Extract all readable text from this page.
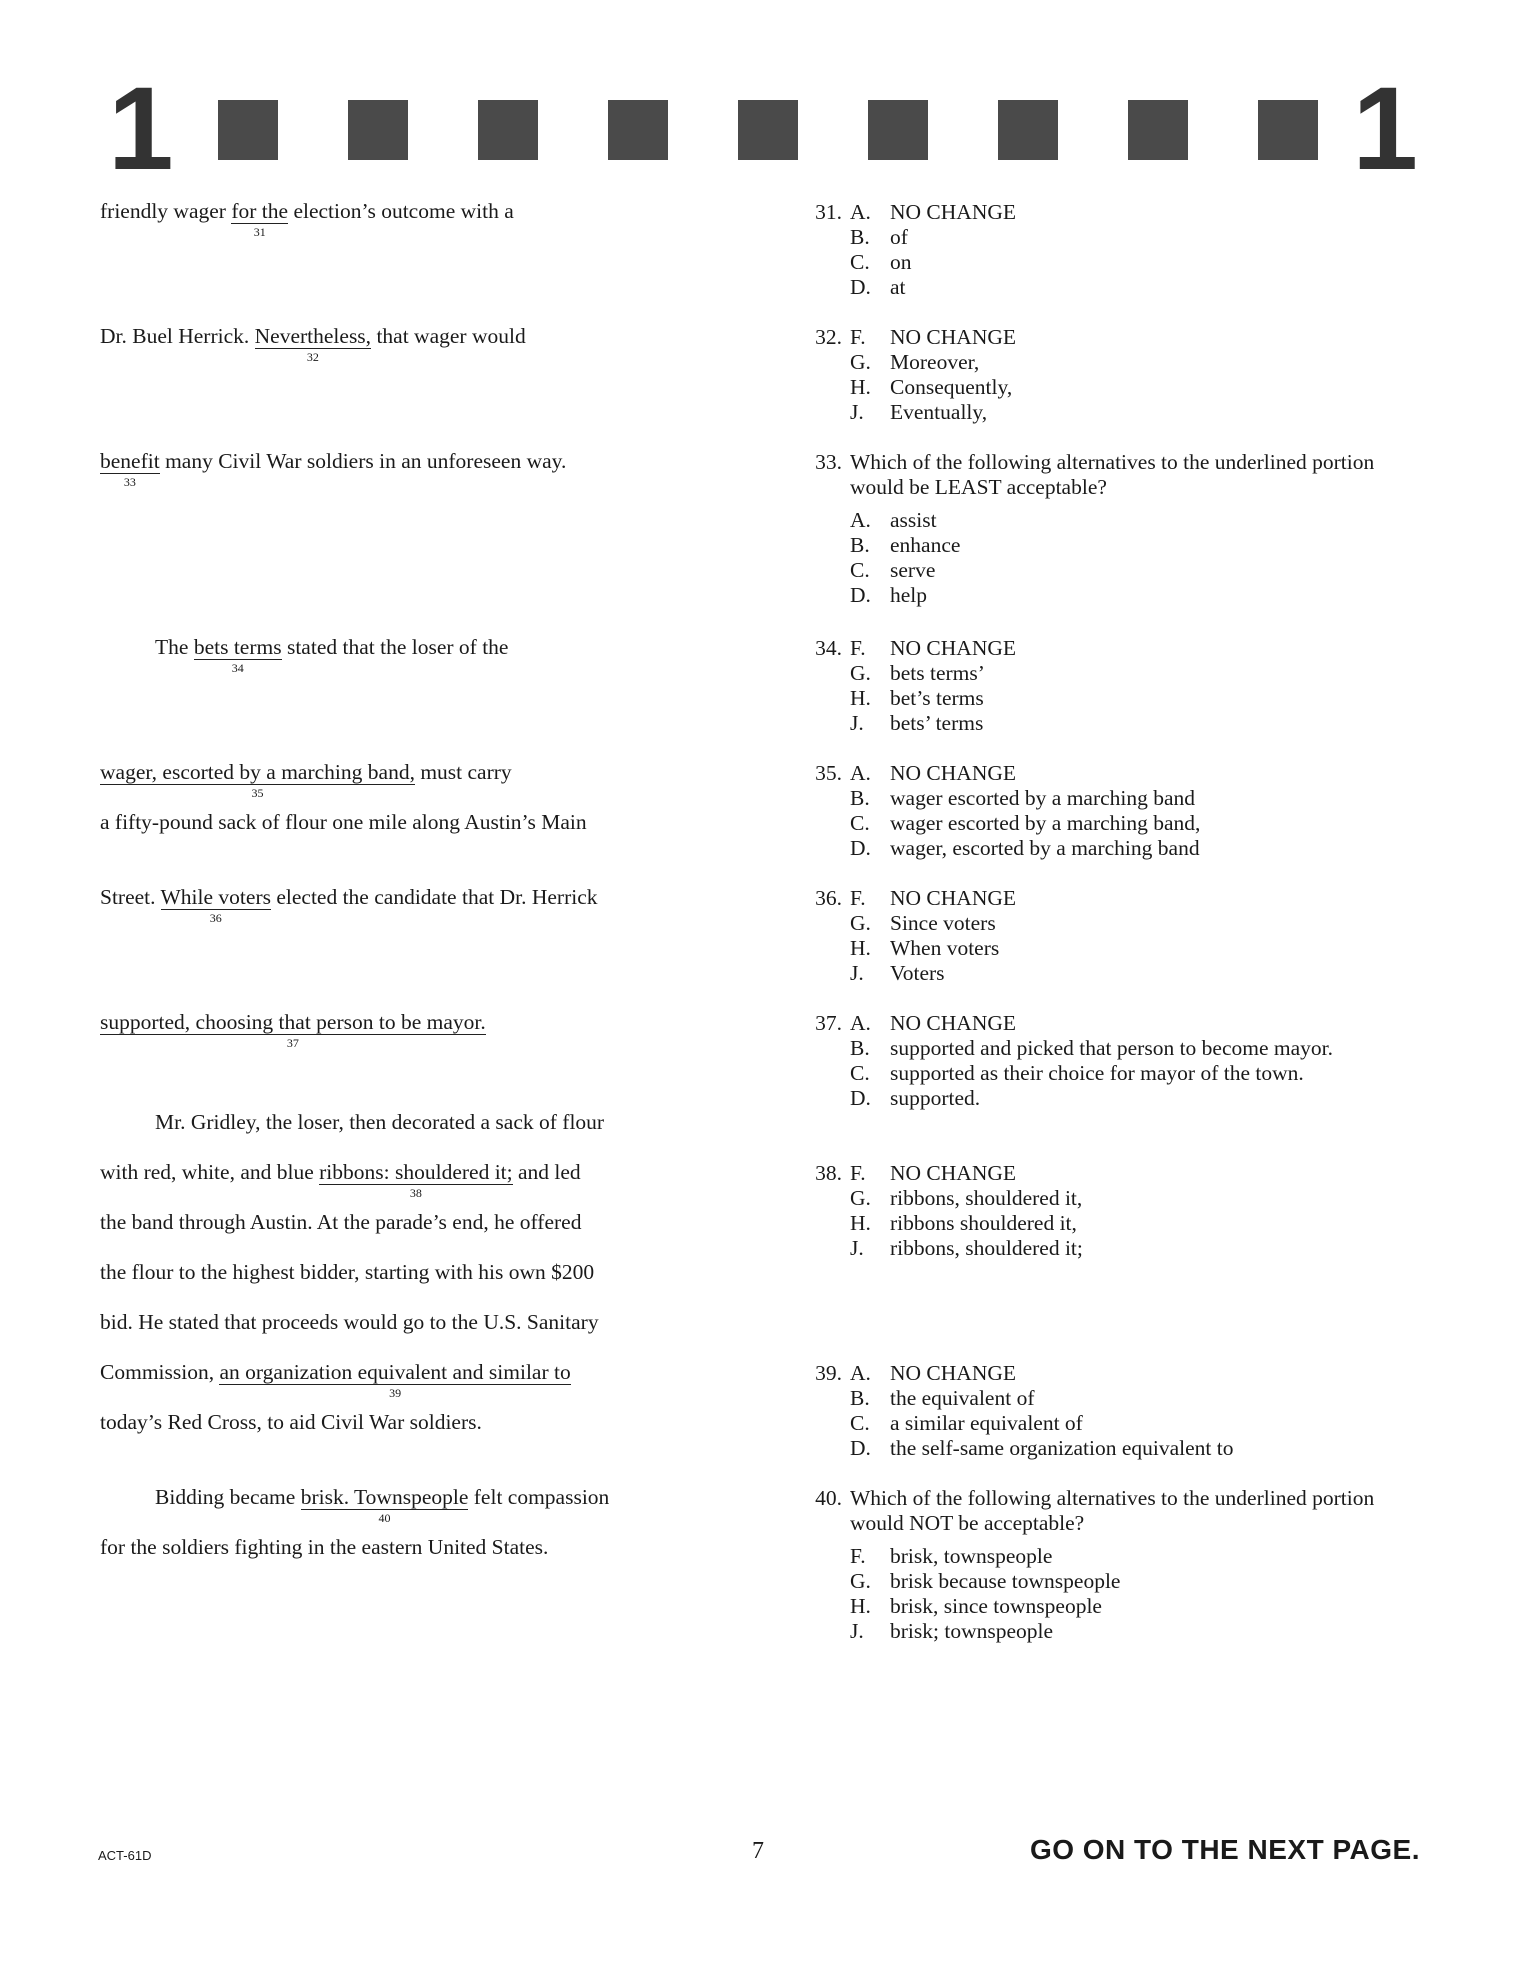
1	1
friendly wager for the
31
election’s outcome with a
Dr. Buel Herrick. Nevertheless,
32
that wager would
benefit
33
many Civil War soldiers in an unforeseen way.
The bets terms
34
stated that the loser of the
wager, escorted by a marching band,
35
must carry
a fifty-pound sack of flour one mile along Austin’s Main
Street. While voters
36
elected the candidate that Dr. Herrick
supported, choosing that person to be mayor.
37
Mr. Gridley, the loser, then decorated a sack of flour
with red, white, and blue ribbons: shouldered it;
38
and led
the band through Austin. At the parade’s end, he offered
the flour to the highest bidder, starting with his own $200
bid. He stated that proceeds would go to the U.S. Sanitary
Commission, an organization equivalent and similar to
39
today’s Red Cross, to aid Civil War soldiers.
Bidding became brisk. Townspeople
40
felt compassion
for the soldiers fighting in the eastern United States.
31. A. NO CHANGE
B. of
C. on
D. at
32. F.	NO CHANGE
G. Moreover,
H. Consequently,
J.	Eventually,
33. Which of the following alternatives to the underlined portion would be LEAST acceptable?
A. assist
B. enhance
C. serve
D. help
34. F.	NO CHANGE
G. bets terms’
H. bet’s terms
J.	bets’ terms
35. A. NO CHANGE
B. wager escorted by a marching band
C. wager escorted by a marching band,
D. wager, escorted by a marching band
36. F.	NO CHANGE
G. Since voters
H. When voters
J.	Voters
37. A. NO CHANGE
B. supported and picked that person to become mayor.
C. supported as their choice for mayor of the town.
D. supported.
38. F.	NO CHANGE
G. ribbons, shouldered it,
H. ribbons shouldered it,
J.	ribbons, shouldered it;
39. A. NO CHANGE
B. the equivalent of
C. a similar equivalent of
D. the self-same organization equivalent to
40. Which of the following alternatives to the underlined portion would NOT be acceptable?
F.	brisk, townspeople
G. brisk because townspeople
H. brisk, since townspeople
J.	brisk; townspeople
ACT-61D	7	GO ON TO THE NEXT PAGE.
